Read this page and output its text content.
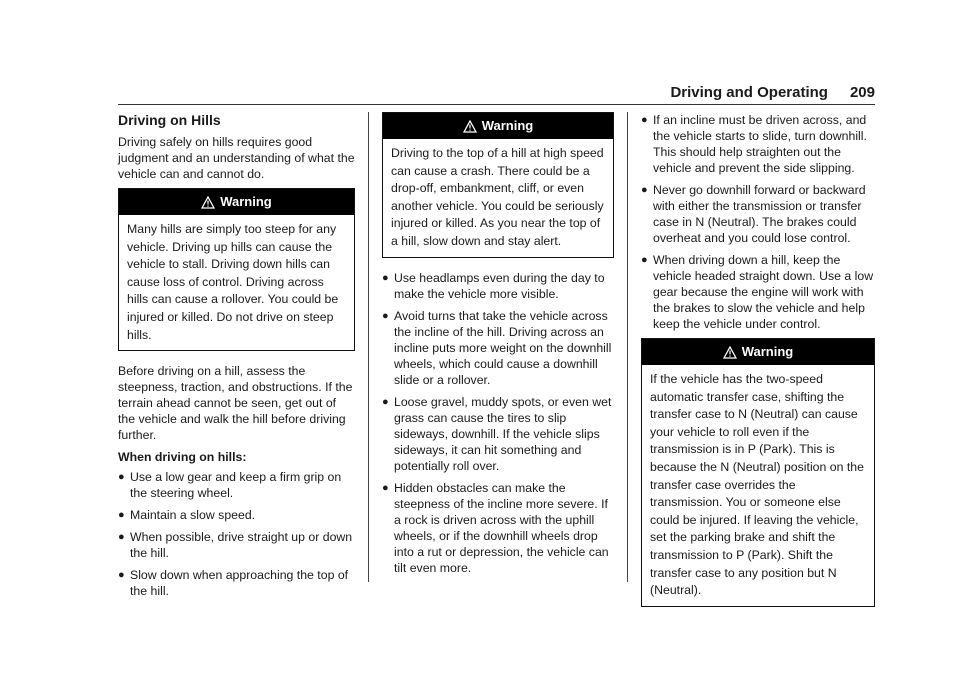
Driving and Operating 209
Driving on Hills

Driving safely on hills requires good judgment and an understanding of what the vehicle can and cannot do.

Warning
Many hills are simply too steep for any vehicle. Driving up hills can cause the vehicle to stall. Driving down hills can cause loss of control. Driving across hills can cause a rollover. You could be injured or killed. Do not drive on steep hills.

Before driving on a hill, assess the steepness, traction, and obstructions. If the terrain ahead cannot be seen, get out of the vehicle and walk the hill before driving further.

When driving on hills:

● Use a low gear and keep a firm grip on the steering wheel.
● Maintain a slow speed.
● When possible, drive straight up or down the hill.
● Slow down when approaching the top of the hill.
Warning
Driving to the top of a hill at high speed can cause a crash. There could be a drop-off, embankment, cliff, or even another vehicle. You could be seriously injured or killed. As you near the top of a hill, slow down and stay alert.
● Use headlamps even during the day to make the vehicle more visible.
● Avoid turns that take the vehicle across the incline of the hill. Driving across an incline puts more weight on the downhill wheels, which could cause a downhill slide or a rollover.
● Loose gravel, muddy spots, or even wet grass can cause the tires to slip sideways, downhill. If the vehicle slips sideways, it can hit something and potentially roll over.
● Hidden obstacles can make the steepness of the incline more severe. If a rock is driven across with the uphill wheels, or if the downhill wheels drop into a rut or depression, the vehicle can tilt even more.
● If an incline must be driven across, and the vehicle starts to slide, turn downhill. This should help straighten out the vehicle and prevent the side slipping.
● Never go downhill forward or backward with either the transmission or transfer case in N (Neutral). The brakes could overheat and you could lose control.
● When driving down a hill, keep the vehicle headed straight down. Use a low gear because the engine will work with the brakes to slow the vehicle and help keep the vehicle under control.
Warning
If the vehicle has the two-speed automatic transfer case, shifting the transfer case to N (Neutral) can cause your vehicle to roll even if the transmission is in P (Park). This is because the N (Neutral) position on the transfer case overrides the transmission. You or someone else could be injured. If leaving the vehicle, set the parking brake and shift the transmission to P (Park). Shift the transfer case to any position but N (Neutral).
